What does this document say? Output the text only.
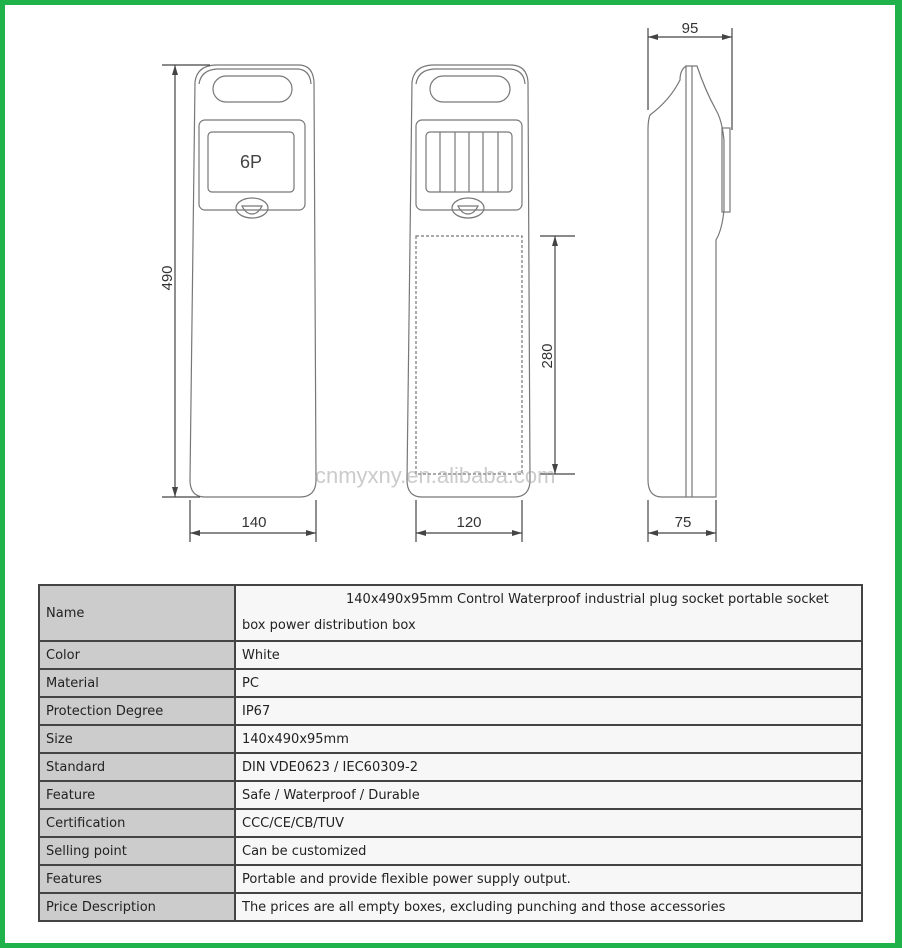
6P
490
140
280
120
95
75
cnmyxny.en.alibaba.com
Name	140x490x95mm Control Waterproof industrial plug socket portable socket box power distribution box
Color	White
Material	PC
Protection Degree	IP67
Size	140x490x95mm
Standard	DIN VDE0623 / IEC60309-2
Feature	Safe / Waterproof / Durable
Certification	CCC/CE/CB/TUV
Selling point	Can be customized
Features	Portable and provide flexible power supply output.
Price Description	The prices are all empty boxes, excluding punching and those accessories
